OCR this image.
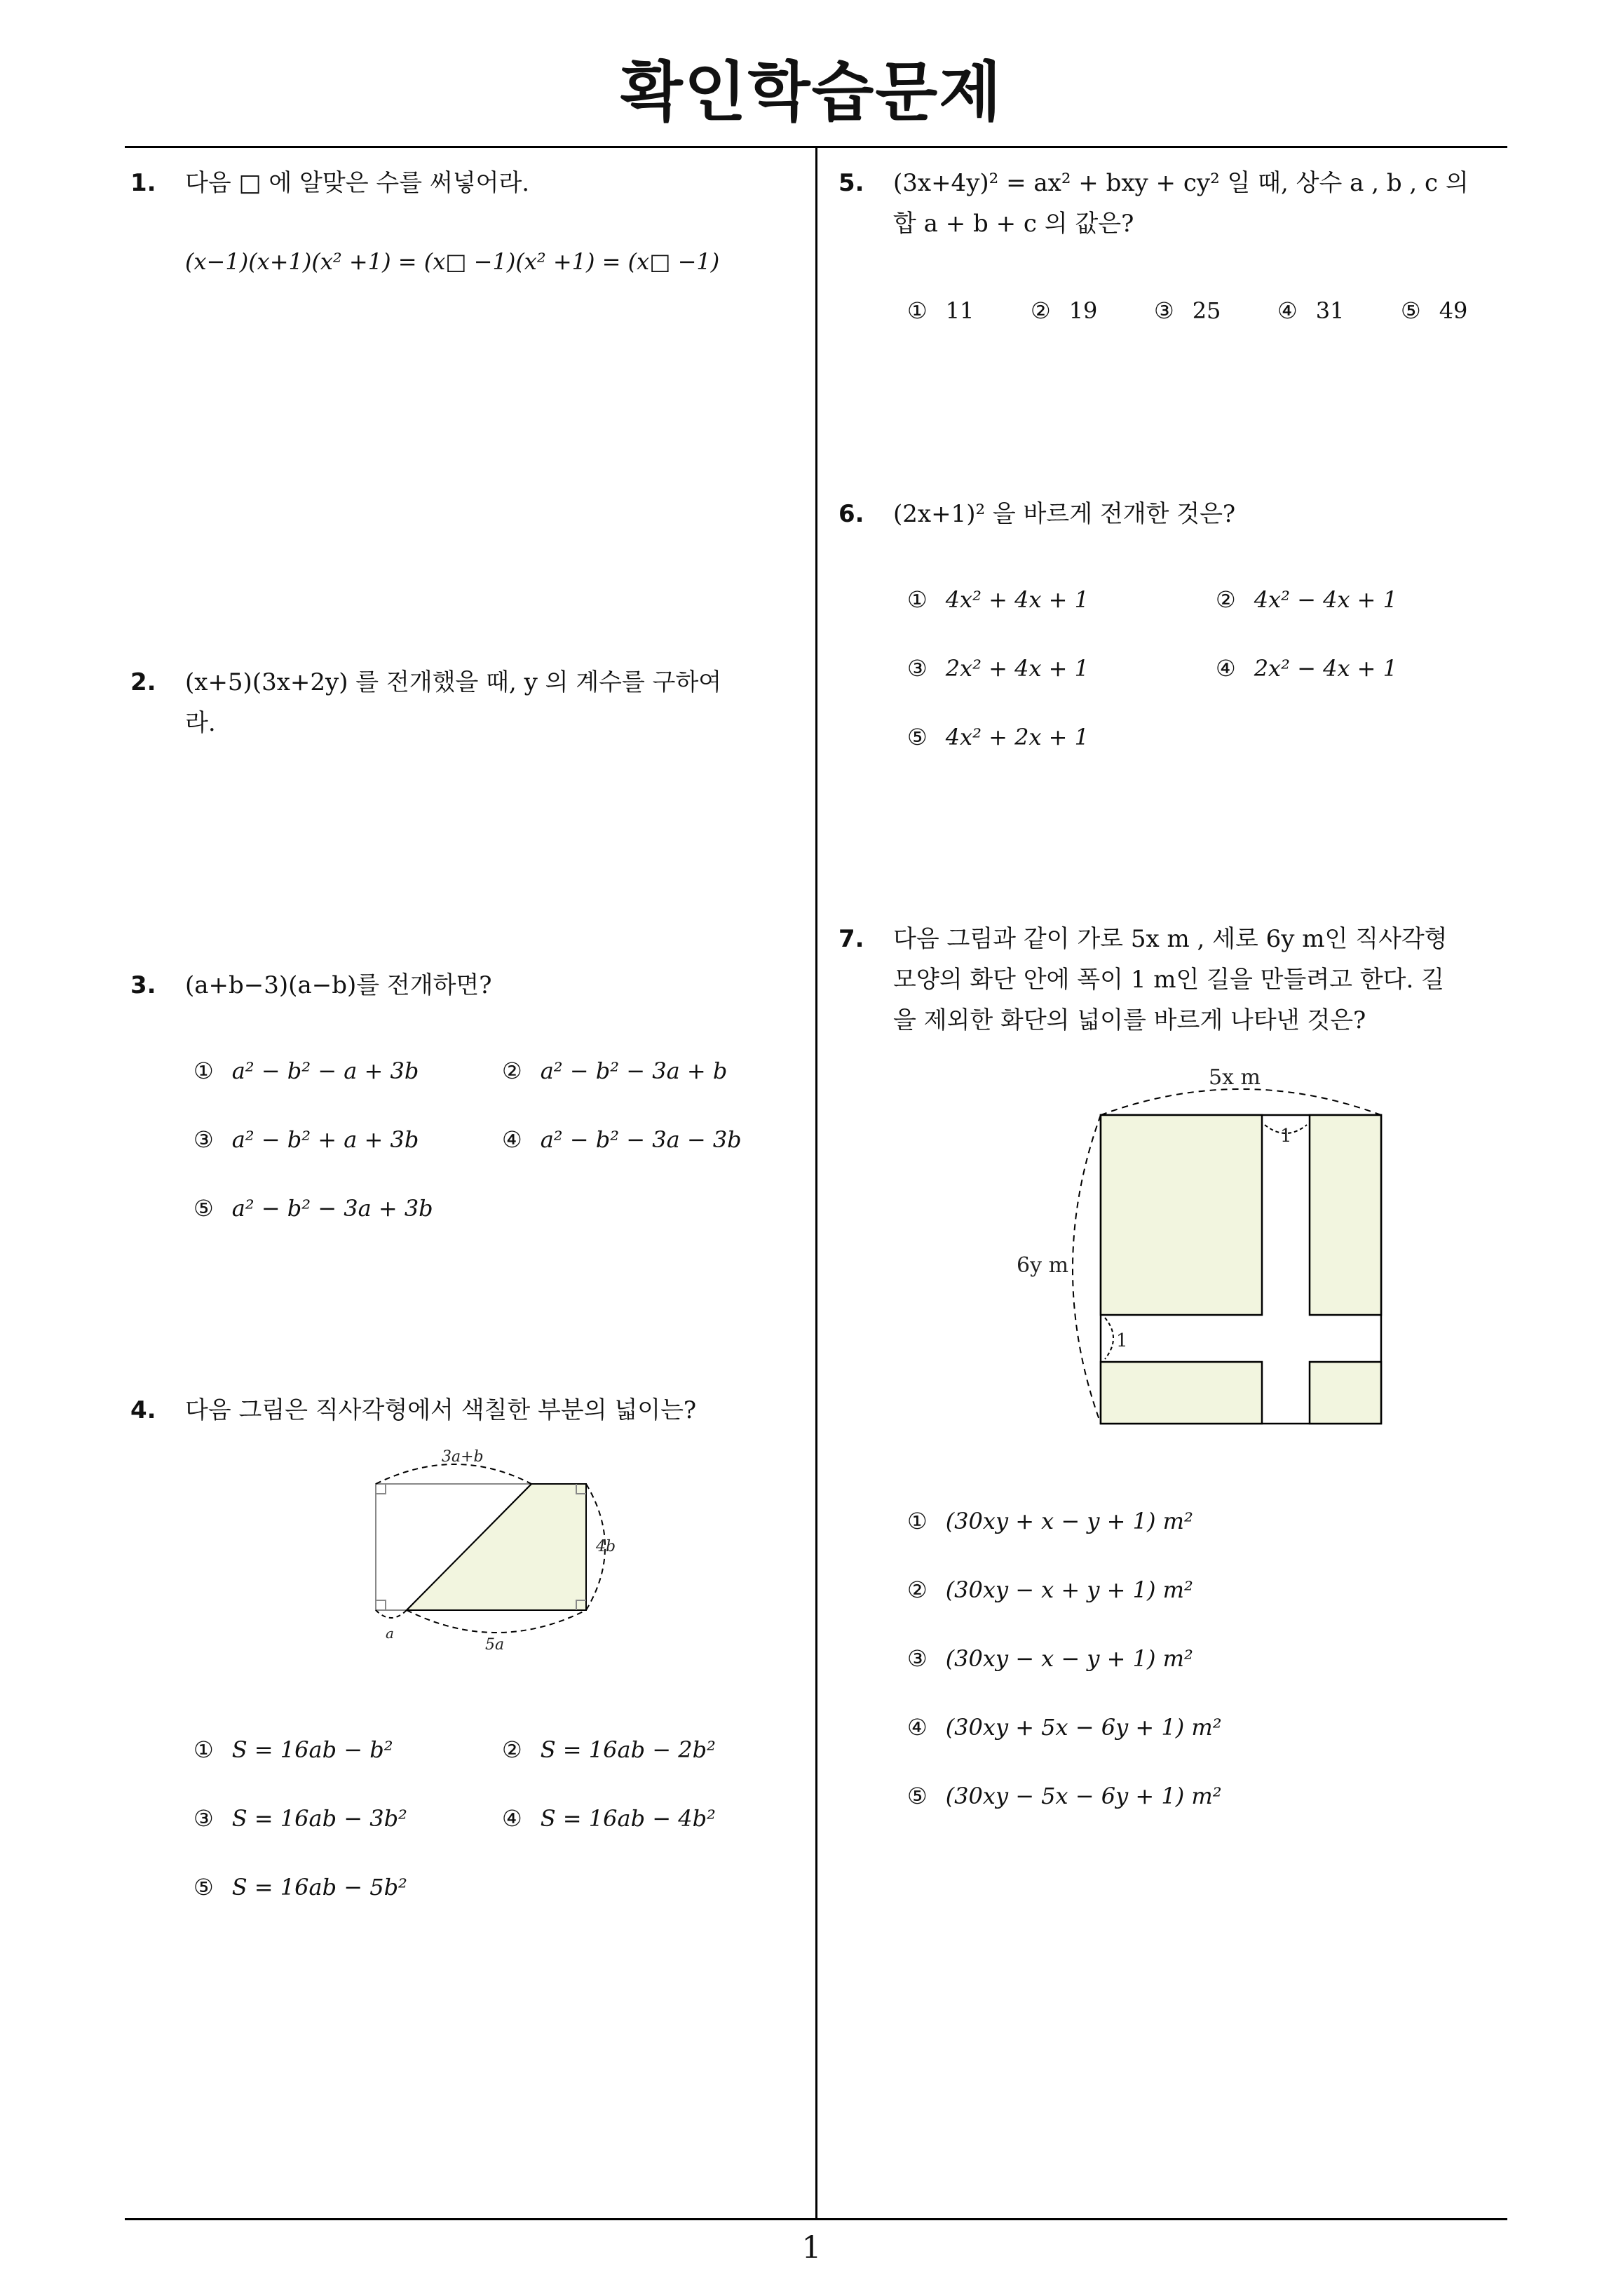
확인학습문제
1. 다음 □ 에 알맞은 수를 써넣어라.
(x−1)(x+1)(x² +1) = (x□ −1)(x² +1) = (x□ −1)
2. (x+5)(3x+2y) 를 전개했을 때, y 의 계수를 구하여
라.
3. (a+b−3)(a−b)를 전개하면?
① a² − b² − a + 3b	② a² − b² − 3a + b
③ a² − b² + a + 3b	④ a² − b² − 3a − 3b
⑤ a² − b² − 3a + 3b
4. 다음 그림은 직사각형에서 색칠한 부분의 넓이는?
3a+b
4b
a
5a
① S = 16ab − b²	② S = 16ab − 2b²
③ S = 16ab − 3b²	④ S = 16ab − 4b²
⑤ S = 16ab − 5b²
5. (3x+4y)² = ax² + bxy + cy² 일 때, 상수 a , b , c 의
합 a + b + c 의 값은?
① 11	② 19	③ 25	④ 31	⑤ 49
6. (2x+1)² 을 바르게 전개한 것은?
① 4x² + 4x + 1	② 4x² − 4x + 1
③ 2x² + 4x + 1	④ 2x² − 4x + 1
⑤ 4x² + 2x + 1
7. 다음 그림과 같이 가로 5x m , 세로 6y m인 직사각형
모양의 화단 안에 폭이 1 m인 길을 만들려고 한다. 길
을 제외한 화단의 넓이를 바르게 나타낸 것은?
5x m
6y m
1
1
① (30xy + x − y + 1) m²
② (30xy − x + y + 1) m²
③ (30xy − x − y + 1) m²
④ (30xy + 5x − 6y + 1) m²
⑤ (30xy − 5x − 6y + 1) m²
1
